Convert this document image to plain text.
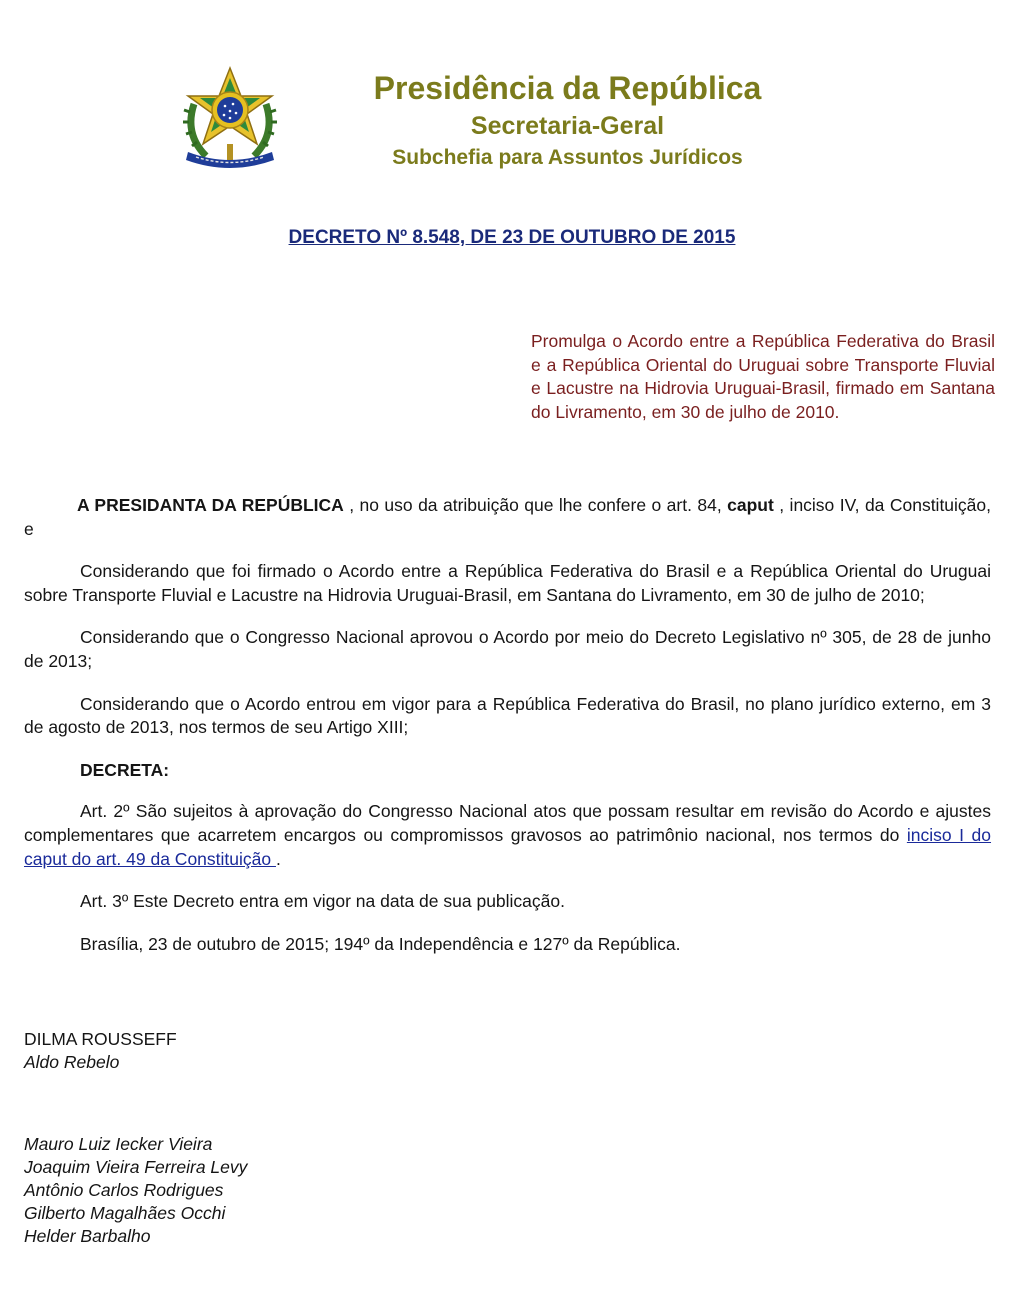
Presidência da República
Secretaria-Geral
Subchefia para Assuntos Jurídicos
DECRETO Nº 8.548, DE 23 DE OUTUBRO DE 2015
Promulga o Acordo entre a República Federativa do Brasil e a República Oriental do Uruguai sobre Transporte Fluvial e Lacustre na Hidrovia Uruguai-Brasil, firmado em Santana do Livramento, em 30 de julho de 2010.

A PRESIDANTA DA REPÚBLICA , no uso da atribuição que lhe confere o art. 84, caput , inciso IV, da Constituição, e

Considerando que foi firmado o Acordo entre a República Federativa do Brasil e a República Oriental do Uruguai sobre Transporte Fluvial e Lacustre na Hidrovia Uruguai-Brasil, em Santana do Livramento, em 30 de julho de 2010;

Considerando que o Congresso Nacional aprovou o Acordo por meio do Decreto Legislativo nº 305, de 28 de junho de 2013;

Considerando que o Acordo entrou em vigor para a República Federativa do Brasil, no plano jurídico externo, em 3 de agosto de 2013, nos termos de seu Artigo XIII;

DECRETA:

Art. 2º São sujeitos à aprovação do Congresso Nacional atos que possam resultar em revisão do Acordo e ajustes complementares que acarretem encargos ou compromissos gravosos ao patrimônio nacional, nos termos do inciso I do caput do art. 49 da Constituição .

Art. 3º Este Decreto entra em vigor na data de sua publicação.

Brasília, 23 de outubro de 2015; 194º da Independência e 127º da República.

DILMA ROUSSEFF
Aldo Rebelo
Mauro Luiz Iecker Vieira
Joaquim Vieira Ferreira Levy
Antônio Carlos Rodrigues
Gilberto Magalhães Occhi
Helder Barbalho
